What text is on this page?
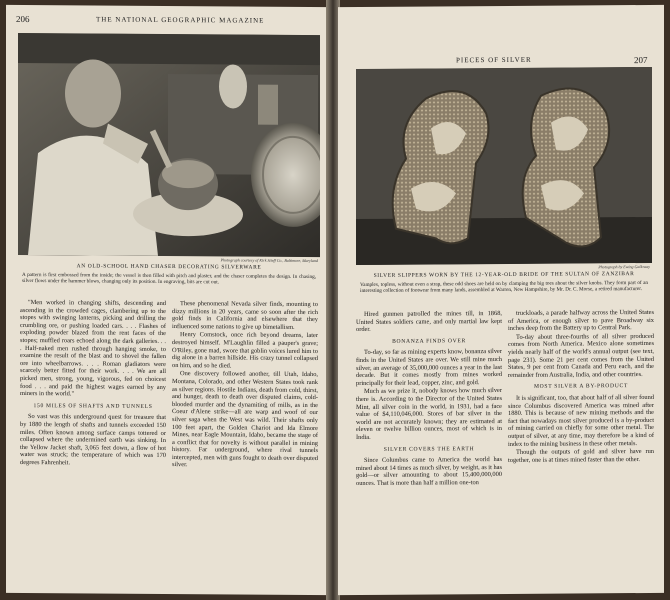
206	THE NATIONAL GEOGRAPHIC MAGAZINE
Photograph courtesy of Kirk Stieff Co., Baltimore, Maryland
AN OLD-SCHOOL HAND CHASER DECORATING SILVERWARE
A pattern is first embossed from the inside; the vessel is then filled with pitch and plaster, and the chaser completes the design. In chasing, silver flows under the hammer blows, changing only its position. In engraving, bits are cut out.

"Men worked in changing shifts, descending and ascending in the crowded cages, clambering up to the stopes with swinging lanterns, picking and drilling the crumbling ore, or pushing loaded cars. . . . Flashes of exploding powder blazed from the rent faces of the stopes; muffled roars echoed along the dark galleries. . . . Half-naked men rushed through hanging smoke, to examine the result of the blast and to shovel the fallen ore into wheelbarrows. . . . Roman gladiators were scarcely better fitted for their work. . . . We are all picked men, strong, young, vigorous, fed on choicest food . . . and paid the highest wages earned by any miners in the world."

150 MILES OF SHAFTS AND TUNNELS

So vast was this underground quest for treasure that by 1880 the length of shafts and tunnels exceeded 150 miles. Often known among surface camps tottered or collapsed where the undermined earth was sinking. In the Yellow Jacket shaft, 3,065 feet down, a flow of hot water was struck; the temperature of which was 170 degrees Fahrenheit.

These phenomenal Nevada silver finds, mounting to dizzy millions in 20 years, came so soon after the rich gold finds in California and elsewhere that they influenced some nations to give up bimetallism.

Henry Comstock, once rich beyond dreams, later destroyed himself. M'Laughlin filled a pauper's grave; O'Riley, gone mad, swore that goblin voices lured him to dig alone in a barren hillside. His crazy tunnel collapsed on him, and so he died.

One discovery followed another, till Utah, Idaho, Montana, Colorado, and other Western States took rank as silver regions. Hostile Indians, death from cold, thirst, and hunger, death to death over disputed claims, cold-blooded murder and the dynamiting of mills, as in the Coeur d'Alene strike—all are warp and woof of our silver saga when the West was wild. Their shafts only 100 feet apart, the Golden Chariot and Ida Elmore Mines, near Eagle Mountain, Idaho, became the stage of a conflict that for novelty is without parallel in mining history. Far underground, where rival tunnels intercepted, men with guns fought to death over disputed silver.

PIECES OF SILVER	207
Photograph by Ewing Galloway
SILVER SLIPPERS WORN BY THE 12-YEAR-OLD BRIDE OF THE SULTAN OF ZANZIBAR
Vamples, topless, without even a strap, these odd shoes are held on by clamping the big toes about the silver knobs. They form part of an interesting collection of footwear from many lands, assembled at Warren, New Hampshire, by Mr. Dr. C. Morse, a retired manufacturer.

Hired gunmen patrolled the mines till, in 1868, United States soldiers came, and only martial law kept order.

BONANZA FINDS OVER

To-day, so far as mining experts know, bonanza silver finds in the United States are over. We still mine much silver, an average of 35,000,000 ounces a year in the last decade. But it comes mostly from mines worked principally for their lead, copper, zinc, and gold.

Much as we prize it, nobody knows how much silver there is. According to the Director of the United States Mint, all silver coin in the world, in 1931, had a face value of $4,110,046,000. Stores of bar silver in the world are not accurately known; they are estimated at eleven or twelve billion ounces, most of which is in India.

SILVER COVERS THE EARTH

Since Columbus came to America the world has mined about 14 times as much silver, by weight, as it has gold—or silver amounting to about 15,400,000,000 ounces. That is more than half a million one-ton

truckloads, a parade halfway across the United States of America, or enough silver to pave Broadway six inches deep from the Battery up to Central Park.

To-day about three-fourths of all silver produced comes from North America. Mexico alone sometimes yields nearly half of the world's annual output (see text, page 231). Some 21 per cent comes from the United States, 9 per cent from Canada and Peru each, and the remainder from Australia, India, and other countries.

MOST SILVER A BY-PRODUCT

It is significant, too, that about half of all silver found since Columbus discovered America was mined after 1880. This is because of new mining methods and the fact that nowadays most silver produced is a by-product of mining carried on chiefly for some other metal. The output of silver, at any time, may therefore be a kind of index to the mining business in these other metals.

Though the outputs of gold and silver have run together, one is at times mined faster than the other.
